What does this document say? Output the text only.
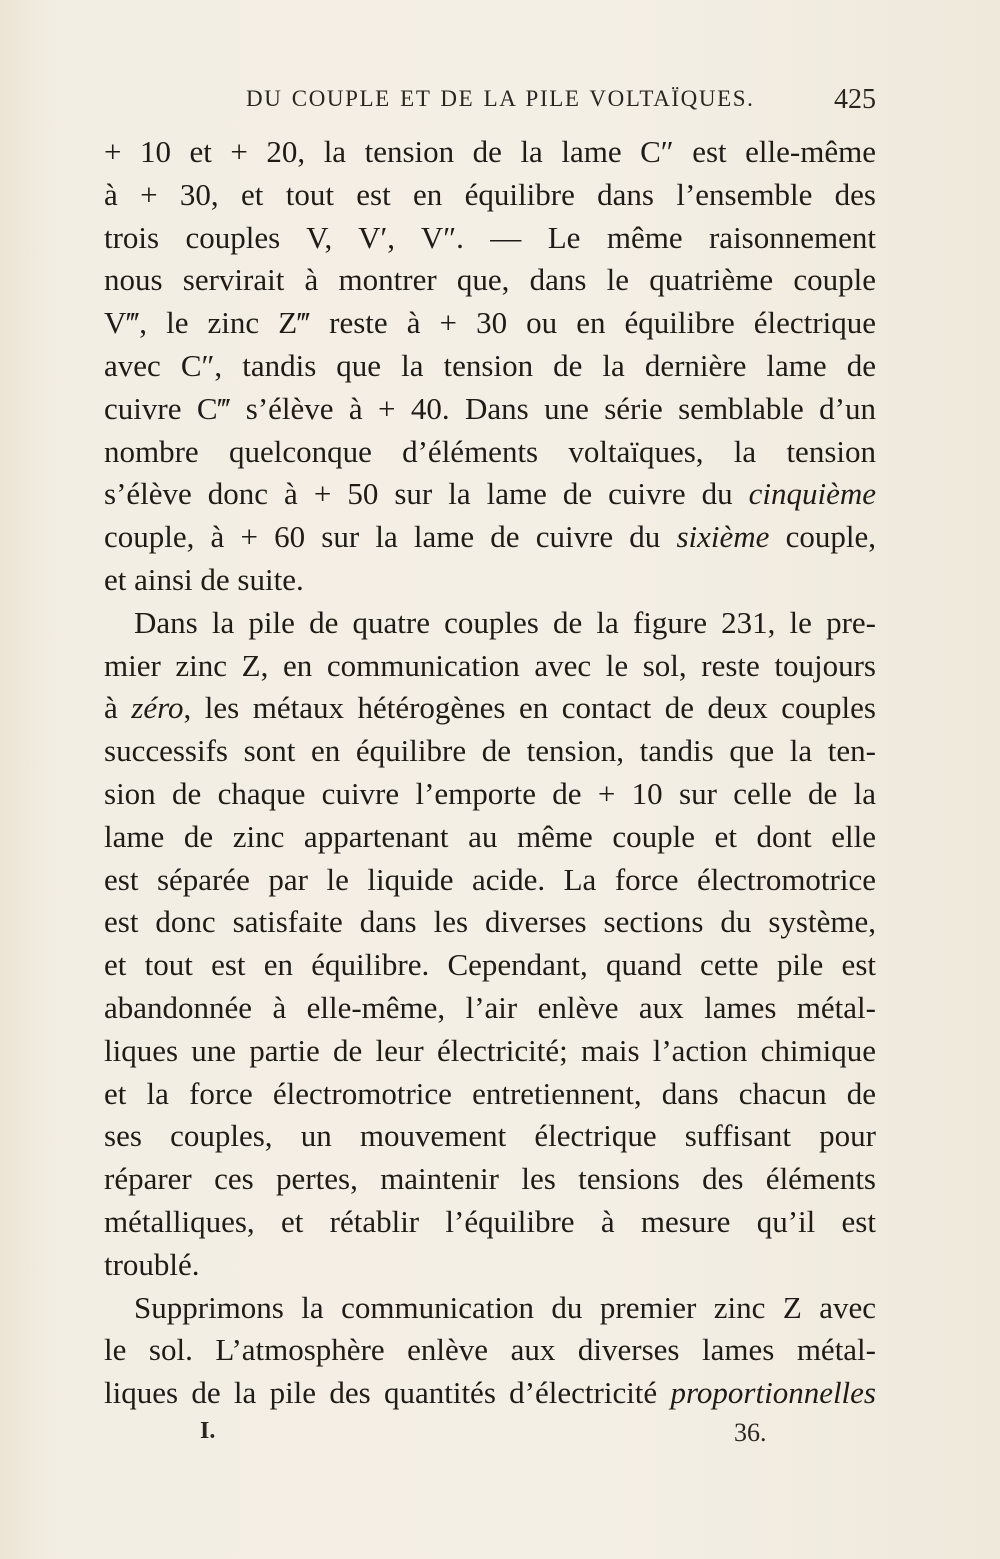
DU COUPLE ET DE LA PILE VOLTAÏQUES.	425
+ 10 et + 20, la tension de la lame C″ est elle-même
à + 30, et tout est en équilibre dans l’ensemble des
trois couples V, V′, V″. — Le même raisonnement
nous servirait à montrer que, dans le quatrième couple
V‴, le zinc Z‴ reste à + 30 ou en équilibre électrique
avec C″, tandis que la tension de la dernière lame de
cuivre C‴ s’élève à + 40. Dans une série semblable d’un
nombre quelconque d’éléments voltaïques, la tension
s’élève donc à + 50 sur la lame de cuivre du cinquième
couple, à + 60 sur la lame de cuivre du sixième couple,
et ainsi de suite.
Dans la pile de quatre couples de la figure 231, le pre-
mier zinc Z, en communication avec le sol, reste toujours
à zéro, les métaux hétérogènes en contact de deux couples
successifs sont en équilibre de tension, tandis que la ten-
sion de chaque cuivre l’emporte de + 10 sur celle de la
lame de zinc appartenant au même couple et dont elle
est séparée par le liquide acide. La force électromotrice
est donc satisfaite dans les diverses sections du système,
et tout est en équilibre. Cependant, quand cette pile est
abandonnée à elle-même, l’air enlève aux lames métal-
liques une partie de leur électricité; mais l’action chimique
et la force électromotrice entretiennent, dans chacun de
ses couples, un mouvement électrique suffisant pour
réparer ces pertes, maintenir les tensions des éléments
métalliques, et rétablir l’équilibre à mesure qu’il est
troublé.
Supprimons la communication du premier zinc Z avec
le sol. L’atmosphère enlève aux diverses lames métal-
liques de la pile des quantités d’électricité proportionnelles
I.	36.
